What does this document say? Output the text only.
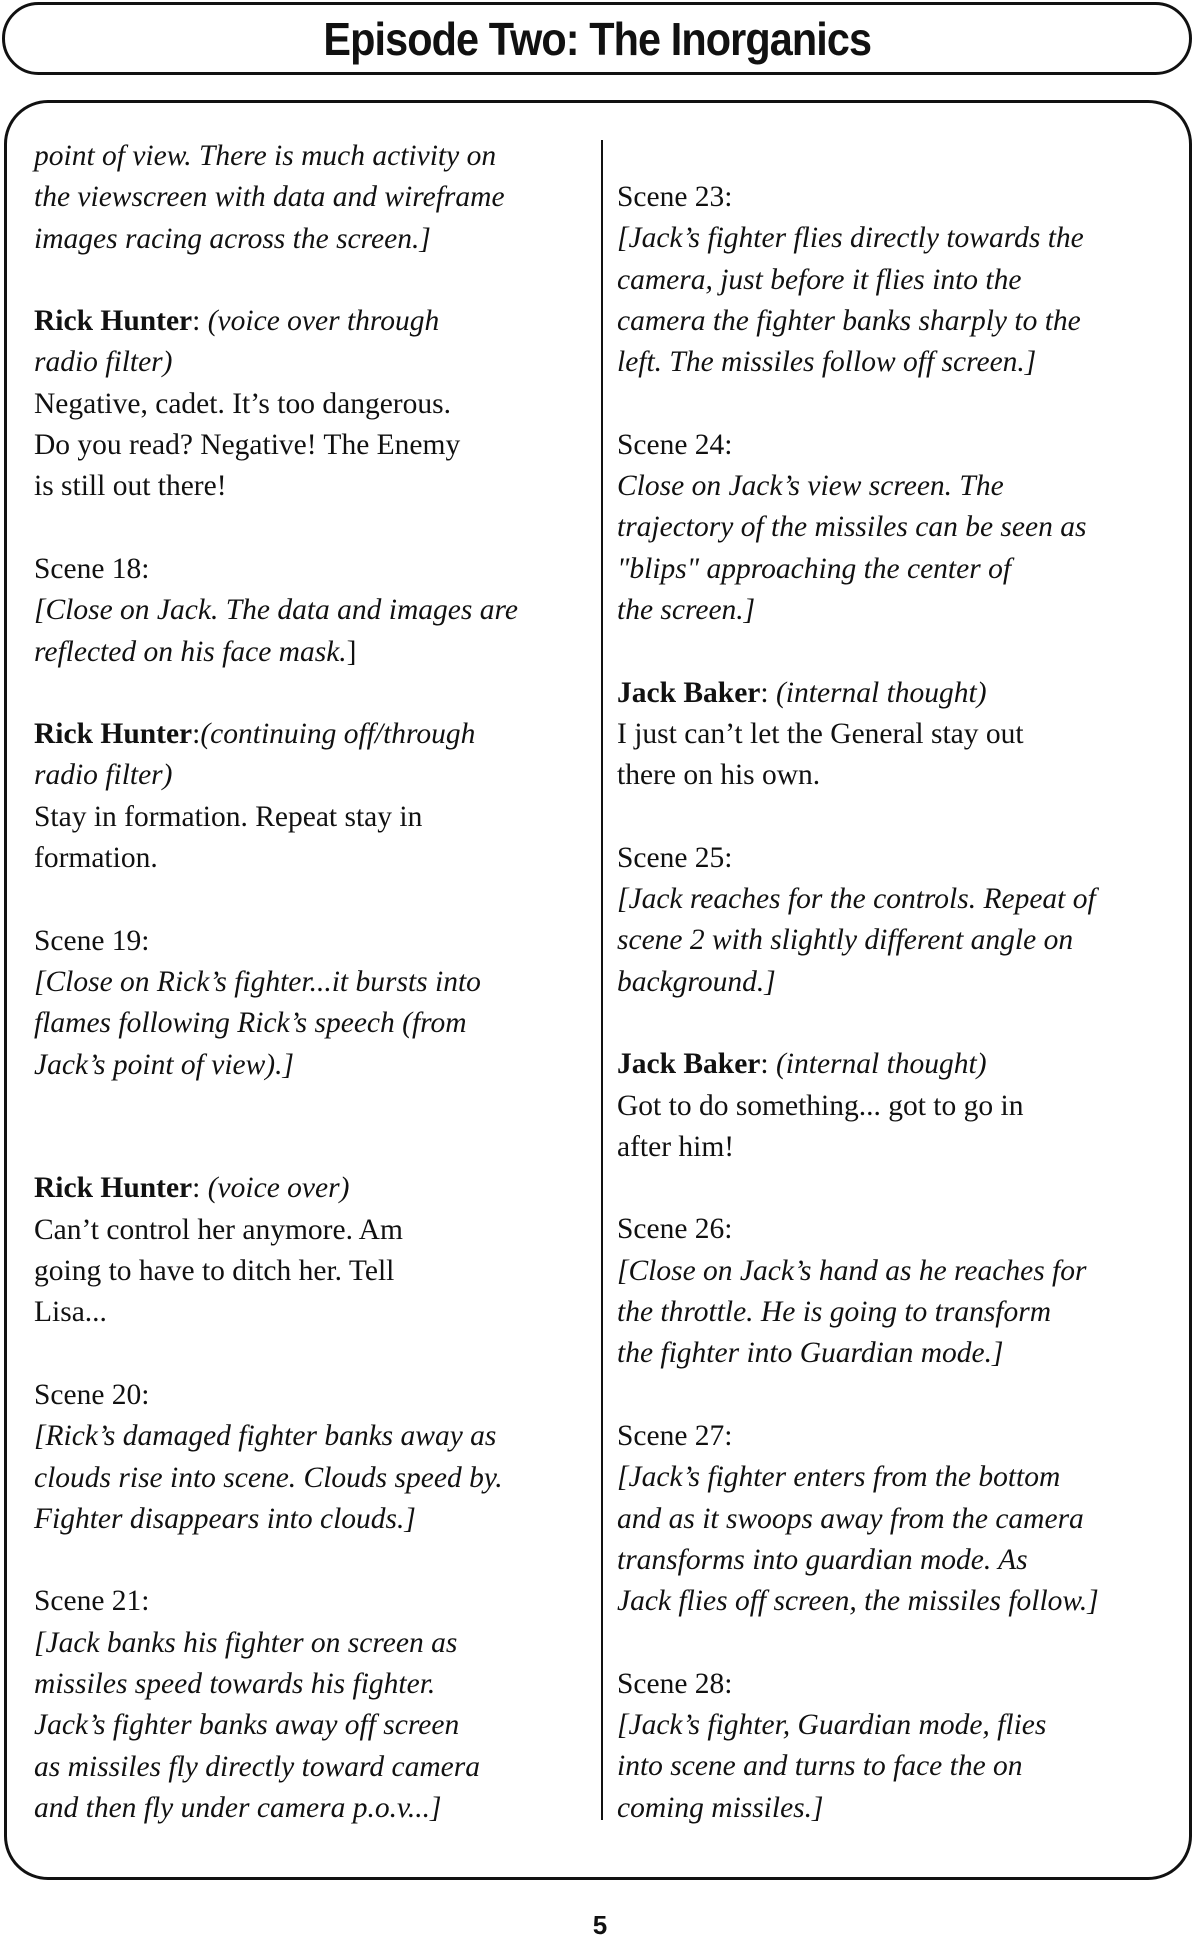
Episode Two: The Inorganics
point of view. There is much activity on
the viewscreen with data and wireframe
images racing across the screen.]
Rick Hunter: (voice over through
radio filter)
Negative, cadet. It’s too dangerous.
Do you read? Negative! The Enemy
is still out there!
Scene 18:
[Close on Jack. The data and images are
reflected on his face mask.]
Rick Hunter:(continuing off/through
radio filter)
Stay in formation. Repeat stay in
formation.
Scene 19:
[Close on Rick’s fighter...it bursts into
flames following Rick’s speech (from
Jack’s point of view).]
Rick Hunter: (voice over)
Can’t control her anymore. Am
going to have to ditch her. Tell
Lisa...
Scene 20:
[Rick’s damaged fighter banks away as
clouds rise into scene. Clouds speed by.
Fighter disappears into clouds.]
Scene 21:
[Jack banks his fighter on screen as
missiles speed towards his fighter.
Jack’s fighter banks away off screen
as missiles fly directly toward camera
and then fly under camera p.o.v...]
Scene 23:
[Jack’s fighter flies directly towards the
camera, just before it flies into the
camera the fighter banks sharply to the
left. The missiles follow off screen.]
Scene 24:
Close on Jack’s view screen. The
trajectory of the missiles can be seen as
"blips" approaching the center of
the screen.]
Jack Baker: (internal thought)
I just can’t let the General stay out
there on his own.
Scene 25:
[Jack reaches for the controls. Repeat of
scene 2 with slightly different angle on
background.]
Jack Baker: (internal thought)
Got to do something... got to go in
after him!
Scene 26:
[Close on Jack’s hand as he reaches for
the throttle. He is going to transform
the fighter into Guardian mode.]
Scene 27:
[Jack’s fighter enters from the bottom
and as it swoops away from the camera
transforms into guardian mode. As
Jack flies off screen, the missiles follow.]
Scene 28:
[Jack’s fighter, Guardian mode, flies
into scene and turns to face the on
coming missiles.]
5
